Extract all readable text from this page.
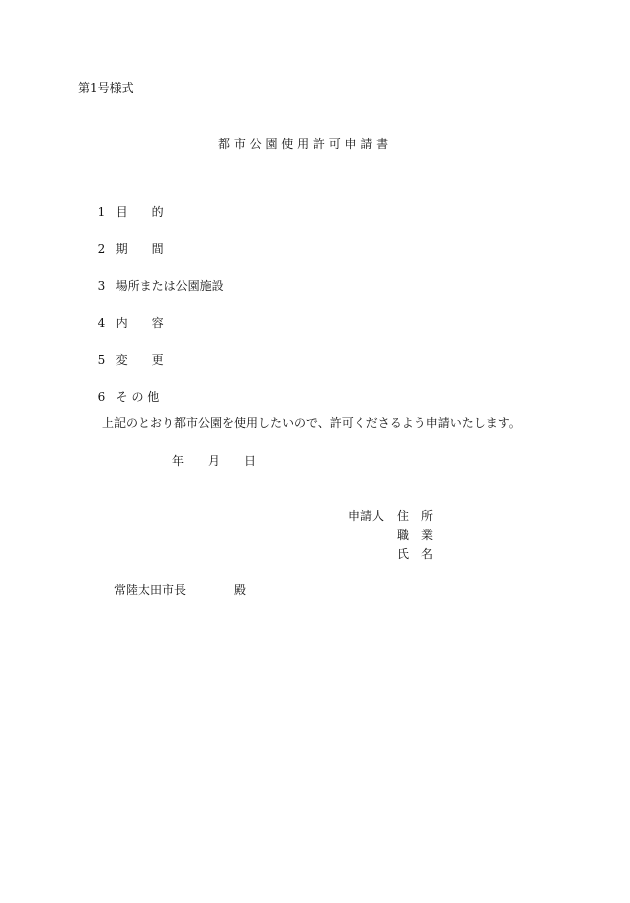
第1号様式
都 市 公 園 使 用 許 可 申 請 書

1 目　　的

2 期　　間

3 場所または公園施設

4 内　　容

5 変　　更

6 そ の 他

上記のとおり都市公園を使用したいので、許可くださるよう申請いたします。
年　　月　　日
申請人 住　所
職　業
氏　名
常陸太田市長　　　　殿
